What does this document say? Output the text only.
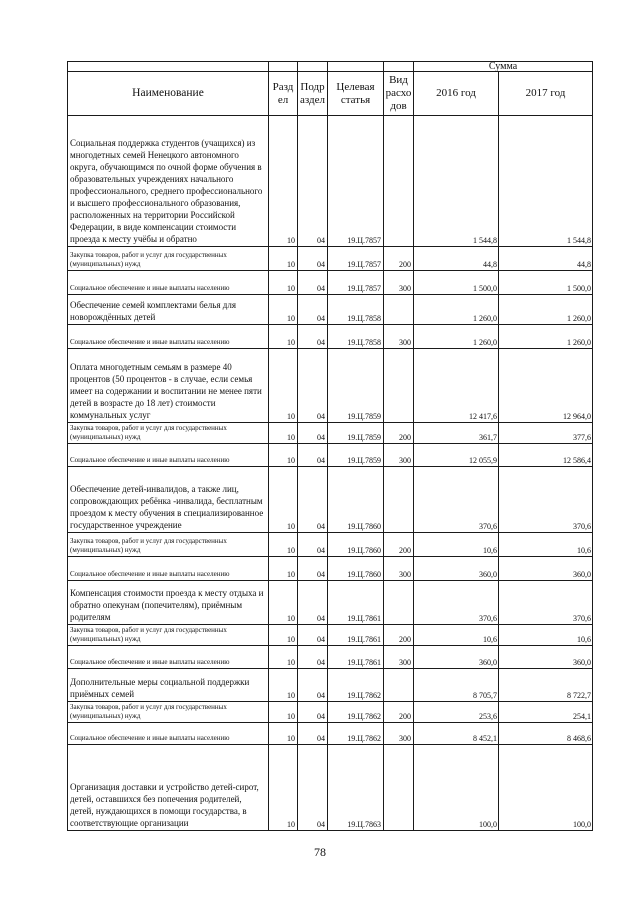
					Сумма	
Наименование	Разд ел	Подр аздел	Целевая статья	Вид расхо дов	2016 год	2017 год
Социальная поддержка студентов (учащихся) из многодетных семей Ненецкого автономного округа, обучающимся по очной форме обучения в образовательных учреждениях начального профессионального, среднего профессионального и высшего профессионального образования, расположенных на территории Российской Федерации, в виде компенсации стоимости проезда к месту учёбы и обратно	10	04	19.Ц.7857		1 544,8	1 544,8
Закупка товаров, работ и услуг для государственных (муниципальных) нужд	10	04	19.Ц.7857	200	44,8	44,8
Социальное обеспечение и иные выплаты населению	10	04	19.Ц.7857	300	1 500,0	1 500,0
Обеспечение семей комплектами белья для новорождённых детей	10	04	19.Ц.7858		1 260,0	1 260,0
Социальное обеспечение и иные выплаты населению	10	04	19.Ц.7858	300	1 260,0	1 260,0
Оплата многодетным семьям в размере 40 процентов (50 процентов - в случае, если семья имеет на содержании и воспитании не менее пяти детей в возрасте до 18 лет) стоимости коммунальных услуг	10	04	19.Ц.7859		12 417,6	12 964,0
Закупка товаров, работ и услуг для государственных (муниципальных) нужд	10	04	19.Ц.7859	200	361,7	377,6
Социальное обеспечение и иные выплаты населению	10	04	19.Ц.7859	300	12 055,9	12 586,4
Обеспечение детей-инвалидов, а также лиц, сопровождающих ребёнка -инвалида, бесплатным проездом к месту обучения в специализированное государственное учреждение	10	04	19.Ц.7860		370,6	370,6
Закупка товаров, работ и услуг для государственных (муниципальных) нужд	10	04	19.Ц.7860	200	10,6	10,6
Социальное обеспечение и иные выплаты населению	10	04	19.Ц.7860	300	360,0	360,0
Компенсация стоимости проезда к месту отдыха и обратно опекунам (попечителям), приёмным родителям	10	04	19.Ц.7861		370,6	370,6
Закупка товаров, работ и услуг для государственных (муниципальных) нужд	10	04	19.Ц.7861	200	10,6	10,6
Социальное обеспечение и иные выплаты населению	10	04	19.Ц.7861	300	360,0	360,0
Дополнительные меры социальной поддержки приёмных семей	10	04	19.Ц.7862		8 705,7	8 722,7
Закупка товаров, работ и услуг для государственных (муниципальных) нужд	10	04	19.Ц.7862	200	253,6	254,1
Социальное обеспечение и иные выплаты населению	10	04	19.Ц.7862	300	8 452,1	8 468,6
Организация доставки и устройство детей-сирот, детей, оставшихся без попечения родителей, детей, нуждающихся в помощи государства, в соответствующие организации	10	04	19.Ц.7863		100,0	100,0
78
